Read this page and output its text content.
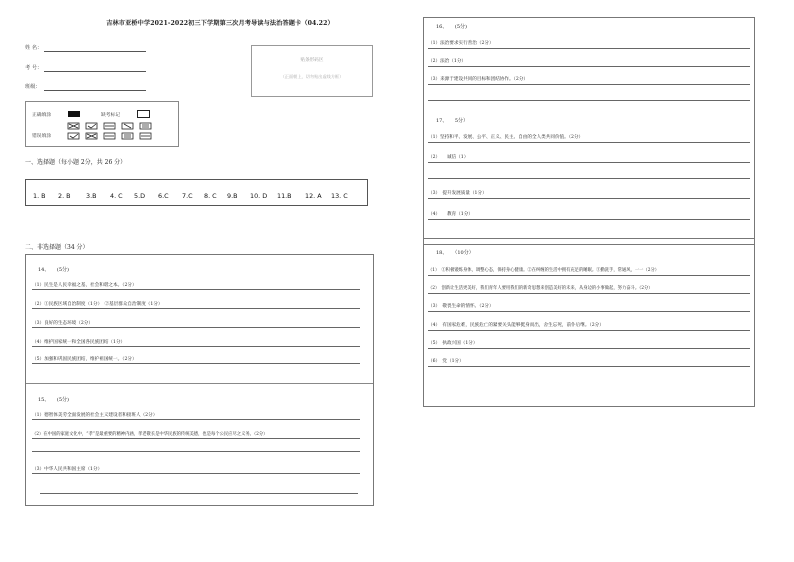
吉林市亚桥中学2021-2022初三下学期第三次月考导读与法治答题卡（04.22）
姓 名：
考 号：
班级：
贴条形码区
（正面朝上，切勿贴出虚线方框）
正确填涂	缺考标记
错误填涂
一、选择题（每小题 2分，共 26 分）
1. B 2. B 3.B 4. C 5.D 6.C 7.C 8. C 9.B 10. D 11.B 12. A 13. C
二、非选择题（34 分）
14、　　(5分)
（1）民生是人民幸福之基，社会和谐之本。（2分）
（2）①民族区域自治制度（1分）　②基层群众自治制度（1分）
（3）良好的生态环境（2分）
（4）维护国家统一和全国各民族团结（1分）
（5）加强和巩固民族团结，维护祖国统一。（2分）
15、　　(5分)
（1）德智体美劳全面发展的社会主义建设者和接班人（2分）
（2）在中国的家庭文化中，“孝”是最重要的精神内涵，孝老敬长是中华民族的传统美德，也是每个公民应尽之义务。（2分）
（3）中华人民共和国主席（1分）
16、　　(5分)
（1）法治要求实行善治（2分）
（2）法治（1分）
（3）来源于建设共同的目标和团结协作。（2分）
17、　　5分）
（1）坚持和平、发展、公平、正义、民主、自由的全人类共同价值。（2分）
（2）　　诚信（1）
（3）　提升发展质量（1分）
（4）　　教育（1分）
18、　　（10分）
（1）　①积极锻炼身体，调整心态，保持身心健康。②在纠缠的生活中拥有充足的睡眠。③勤洗手，常通风，一一（2分）
（2）　创新让生活更美好，我们青年人要用我们的新奇思想来创造美好的未来，从身边的小事做起，努力奋斗。（2分）
（3）　敬畏生命的情怀。（2分）
（4）　有国家危难，民族危亡的紧要关头能够挺身而出，舍生忘死，前仆后继。（2分）
（5）　执政兴国（1分）
（6）　党（1分）
